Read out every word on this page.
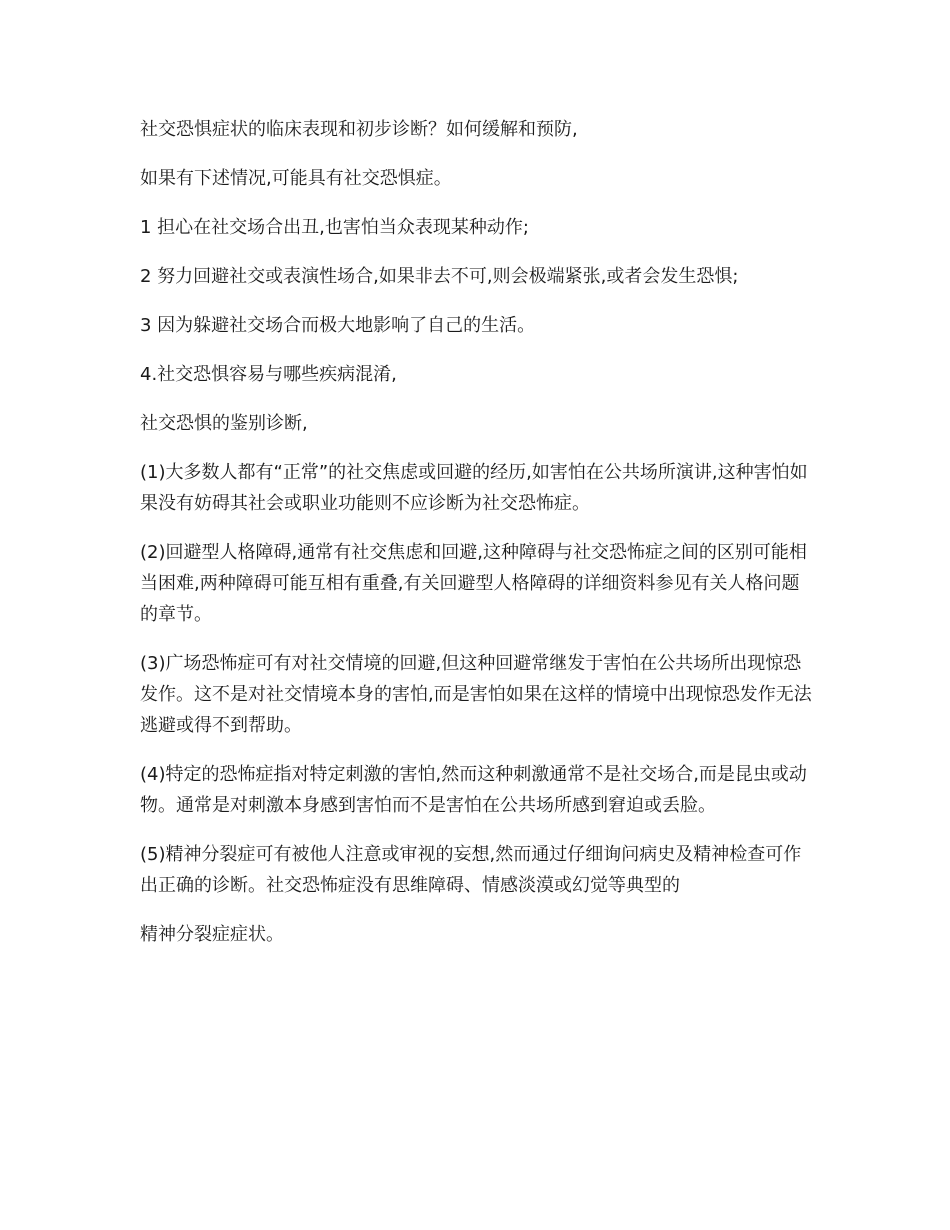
社交恐惧症状的临床表现和初步诊断？如何缓解和预防,

如果有下述情况,可能具有社交恐惧症。

1 担心在社交场合出丑,也害怕当众表现某种动作;

2 努力回避社交或表演性场合,如果非去不可,则会极端紧张,或者会发生恐惧;

3 因为躲避社交场合而极大地影响了自己的生活。

4.社交恐惧容易与哪些疾病混淆,

社交恐惧的鉴别诊断,

(1)大多数人都有“正常”的社交焦虑或回避的经历,如害怕在公共场所演讲,这种害怕如果没有妨碍其社会或职业功能则不应诊断为社交恐怖症。

(2)回避型人格障碍,通常有社交焦虑和回避,这种障碍与社交恐怖症之间的区别可能相当困难,两种障碍可能互相有重叠,有关回避型人格障碍的详细资料参见有关人格问题的章节。

(3)广场恐怖症可有对社交情境的回避,但这种回避常继发于害怕在公共场所出现惊恐发作。这不是对社交情境本身的害怕,而是害怕如果在这样的情境中出现惊恐发作无法逃避或得不到帮助。

(4)特定的恐怖症指对特定刺激的害怕,然而这种刺激通常不是社交场合,而是昆虫或动物。通常是对刺激本身感到害怕而不是害怕在公共场所感到窘迫或丢脸。

(5)精神分裂症可有被他人注意或审视的妄想,然而通过仔细询问病史及精神检查可作出正确的诊断。社交恐怖症没有思维障碍、情感淡漠或幻觉等典型的

精神分裂症症状。
